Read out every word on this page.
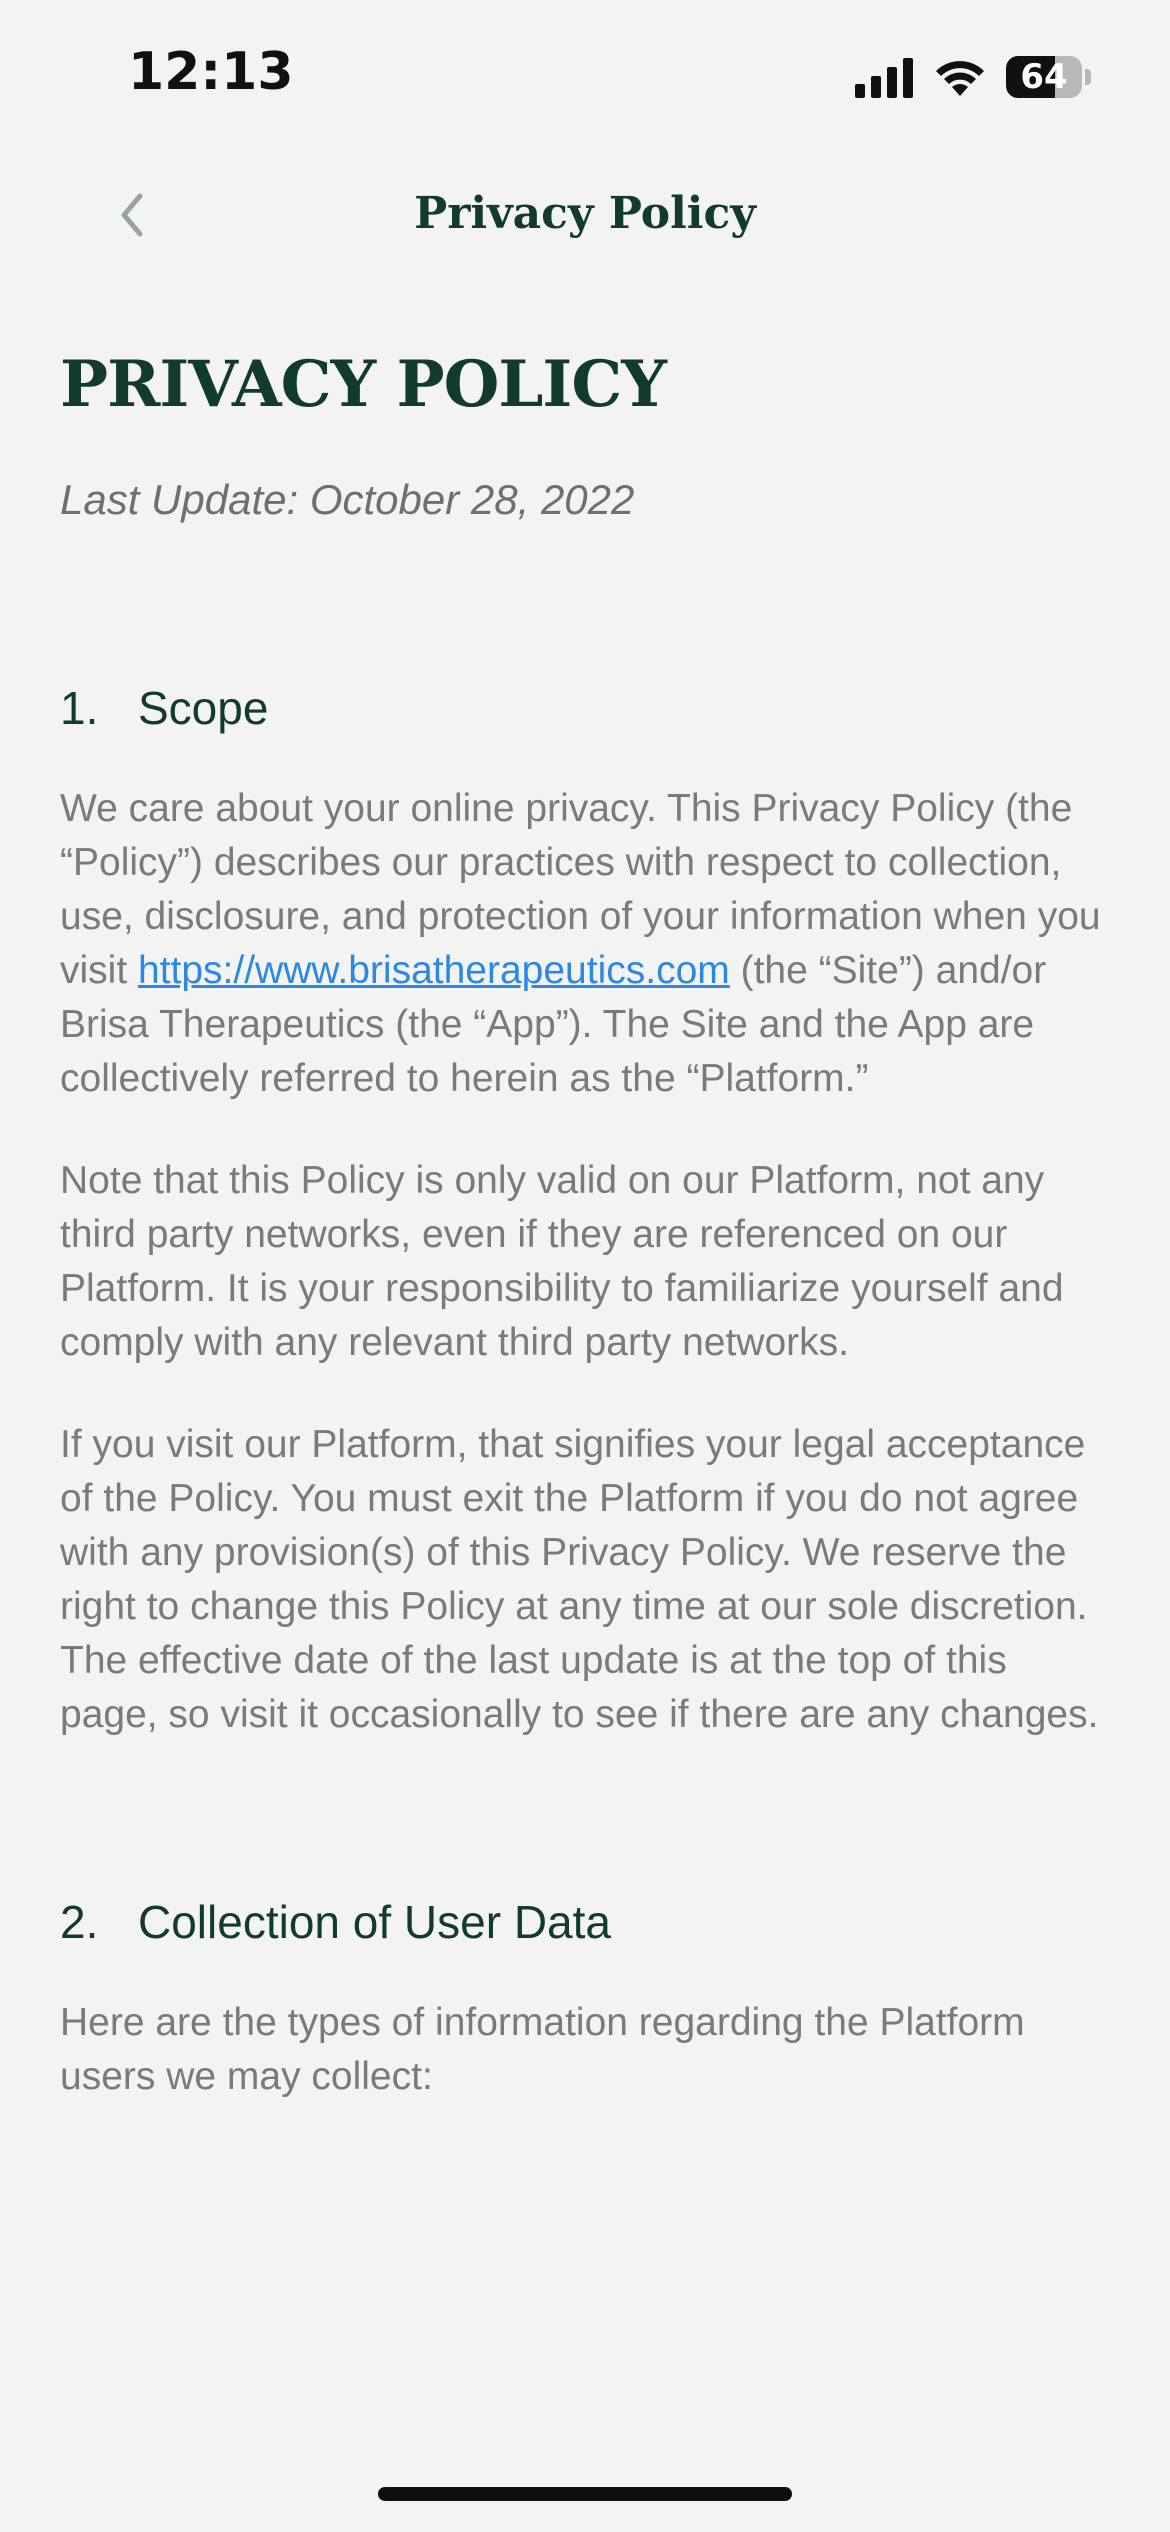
12:13	64
Privacy Policy
PRIVACY POLICY
Last Update: October 28, 2022
1. Scope

We care about your online privacy. This Privacy Policy (the “Policy”) describes our practices with respect to collection, use, disclosure, and protection of your information when you visit https://www.brisatherapeutics.com (the “Site”) and/or Brisa Therapeutics (the “App”). The Site and the App are collectively referred to herein as the “Platform.”

Note that this Policy is only valid on our Platform, not any third party networks, even if they are referenced on our Platform. It is your responsibility to familiarize yourself and comply with any relevant third party networks.

If you visit our Platform, that signifies your legal acceptance of the Policy. You must exit the Platform if you do not agree with any provision(s) of this Privacy Policy. We reserve the right to change this Policy at any time at our sole discretion. The effective date of the last update is at the top of this page, so visit it occasionally to see if there are any changes.

2. Collection of User Data

Here are the types of information regarding the Platform users we may collect:
